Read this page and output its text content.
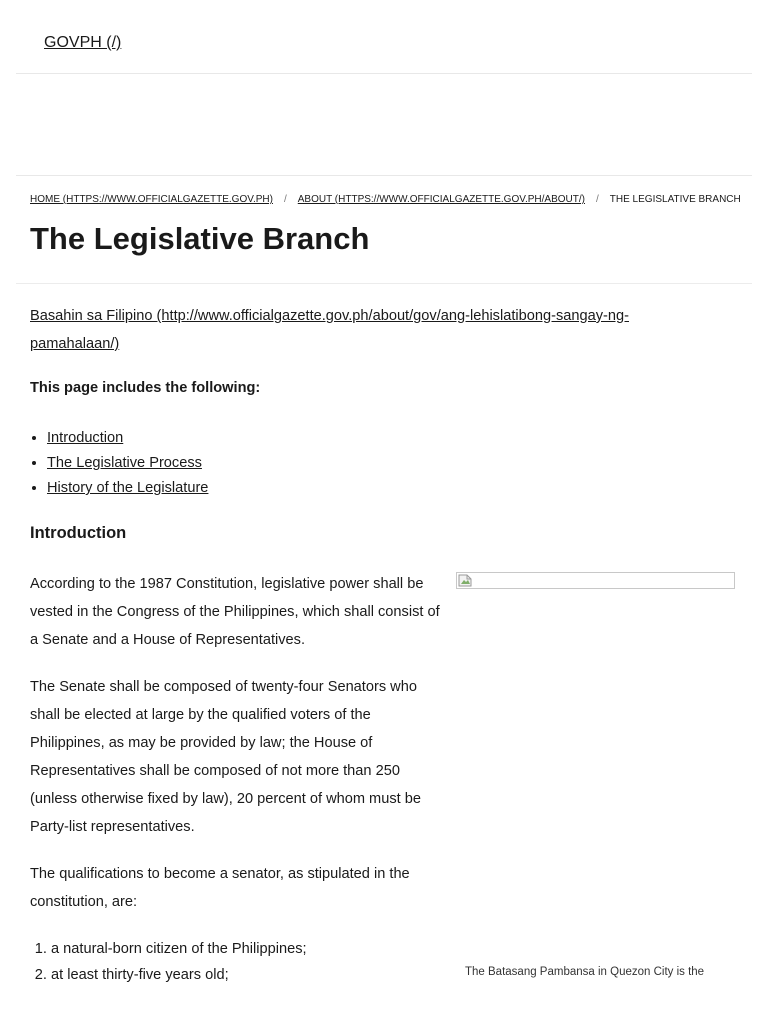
GOVPH (/)
HOME (HTTPS://WWW.OFFICIALGAZETTE.GOV.PH) / ABOUT (HTTPS://WWW.OFFICIALGAZETTE.GOV.PH/ABOUT/) / THE LEGISLATIVE BRANCH
The Legislative Branch
Basahin sa Filipino (http://www.officialgazette.gov.ph/about/gov/ang-lehislatibong-sangay-ng-pamahalaan/)

This page includes the following:

• Introduction
• The Legislative Process
• History of the Legislature
Introduction

According to the 1987 Constitution, legislative power shall be vested in the Congress of the Philippines, which shall consist of a Senate and a House of Representatives.

The Senate shall be composed of twenty-four Senators who shall be elected at large by the qualified voters of the Philippines, as may be provided by law; the House of Representatives shall be composed of not more than 250 (unless otherwise fixed by law), 20 percent of whom must be Party-list representatives.

The qualifications to become a senator, as stipulated in the constitution, are:

1. a natural-born citizen of the Philippines;
2. at least thirty-five years old;	The Batasang Pambansa in Quezon City is the
